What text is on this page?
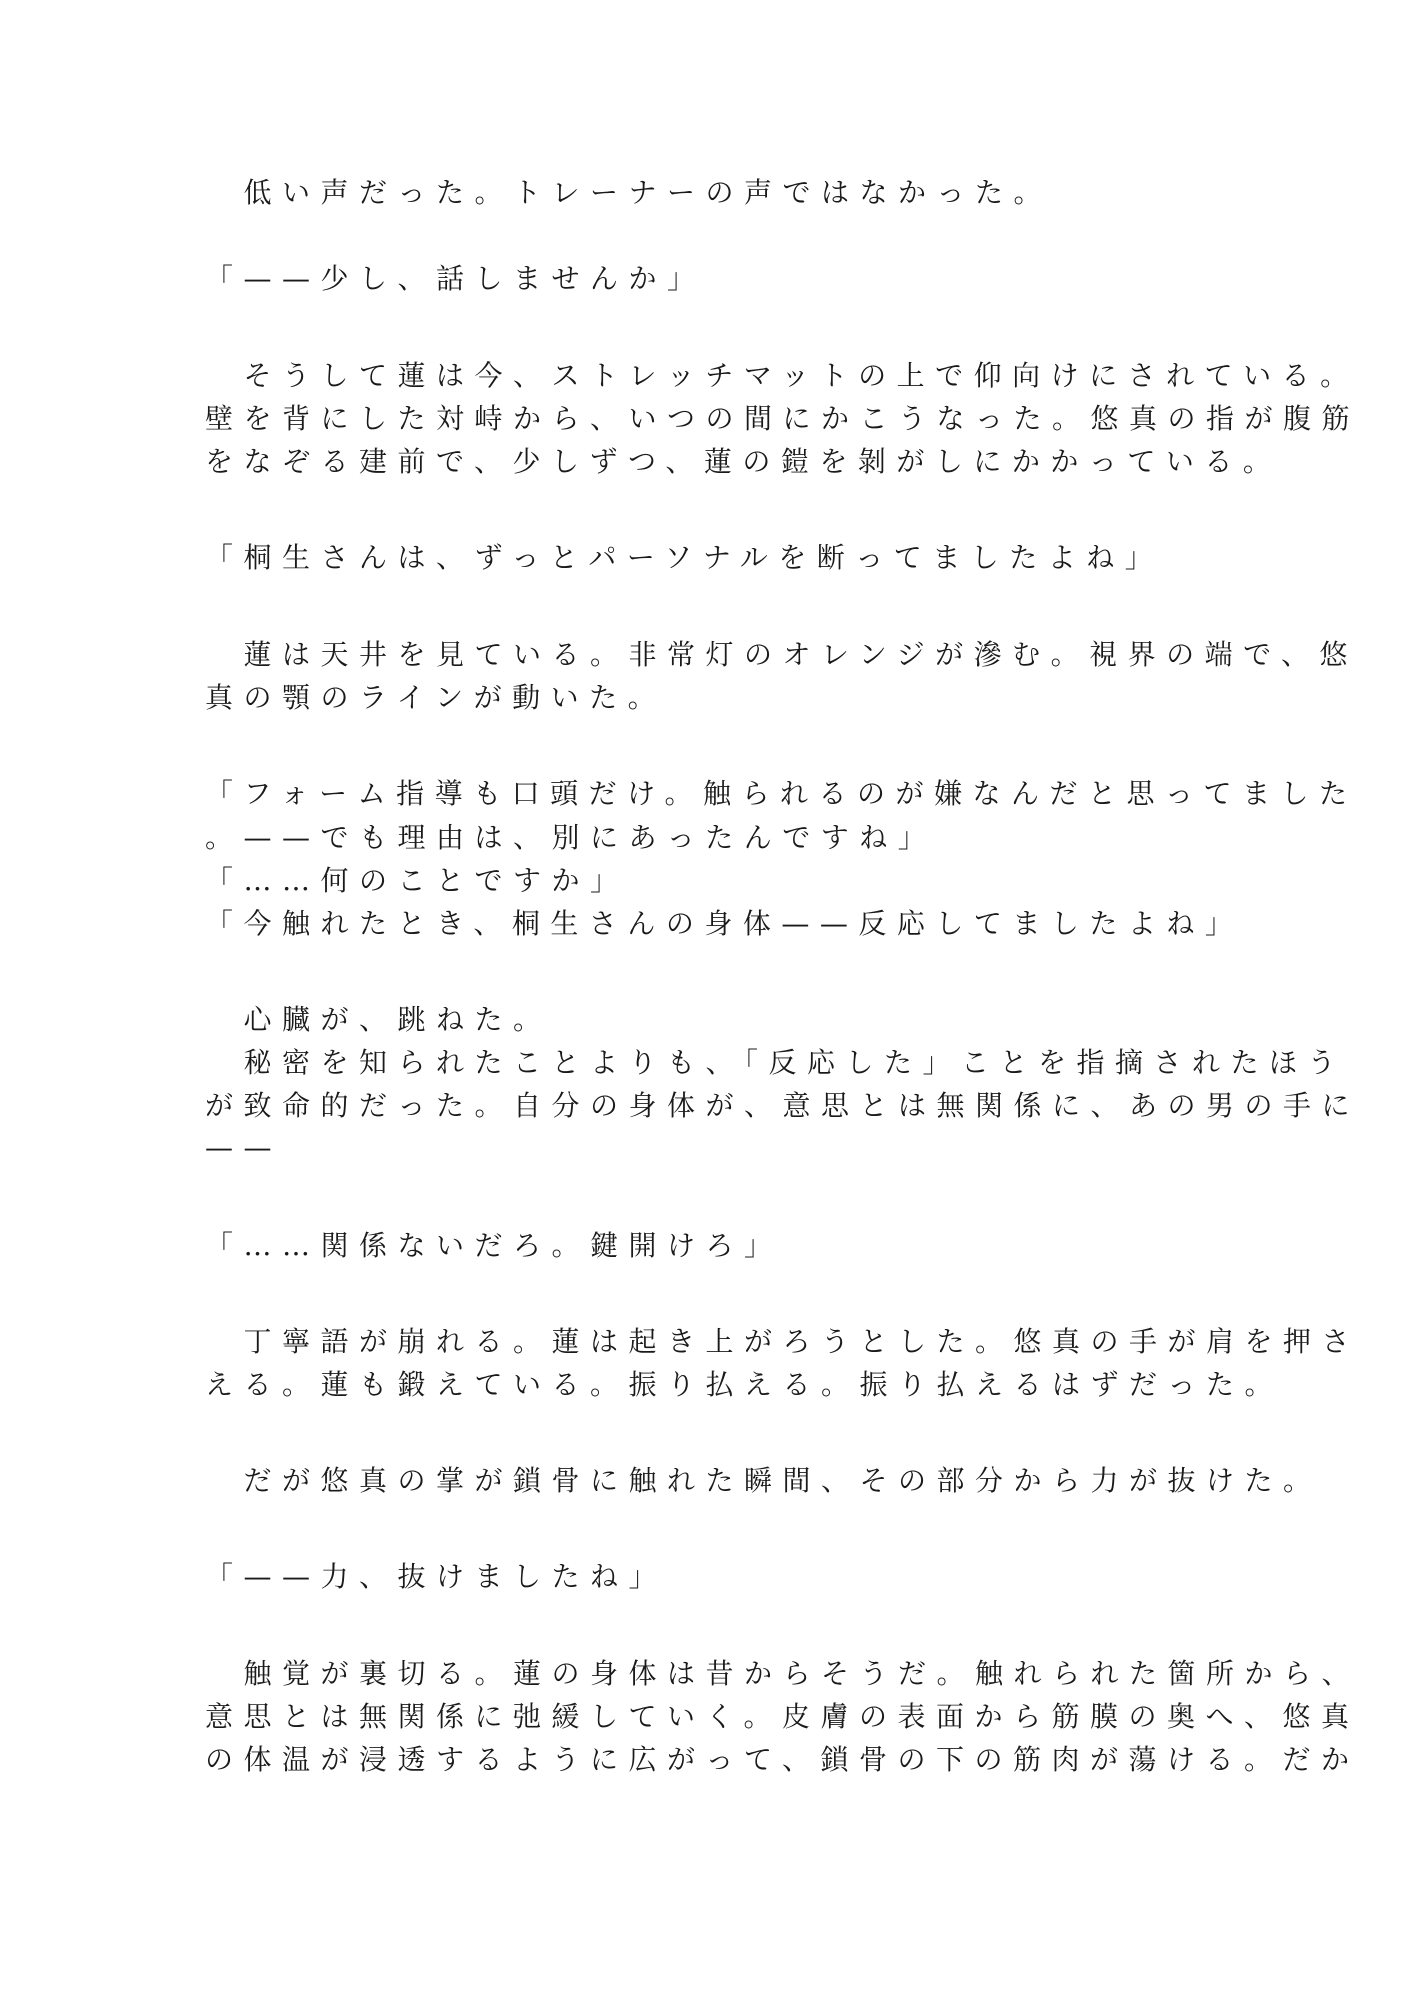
　低い声だった。トレーナーの声ではなかった。
「——少し、話しませんか」
　そうして蓮は今、ストレッチマットの上で仰向けにされている。
壁を背にした対峙から、いつの間にかこうなった。悠真の指が腹筋
をなぞる建前で、少しずつ、蓮の鎧を剝がしにかかっている。
「桐生さんは、ずっとパーソナルを断ってましたよね」
　蓮は天井を見ている。非常灯のオレンジが滲む。視界の端で、悠
真の顎のラインが動いた。
「フォーム指導も口頭だけ。触られるのが嫌なんだと思ってました
。——でも理由は、別にあったんですね」
「……何のことですか」
「今触れたとき、桐生さんの身体——反応してましたよね」
　心臓が、跳ねた。
　秘密を知られたことよりも、「反応した」ことを指摘されたほう
が致命的だった。自分の身体が、意思とは無関係に、あの男の手に
——
「……関係ないだろ。鍵開けろ」
　丁寧語が崩れる。蓮は起き上がろうとした。悠真の手が肩を押さ
える。蓮も鍛えている。振り払える。振り払えるはずだった。
　だが悠真の掌が鎖骨に触れた瞬間、その部分から力が抜けた。
「——力、抜けましたね」
　触覚が裏切る。蓮の身体は昔からそうだ。触れられた箇所から、
意思とは無関係に弛緩していく。皮膚の表面から筋膜の奥へ、悠真
の体温が浸透するように広がって、鎖骨の下の筋肉が蕩ける。だか
